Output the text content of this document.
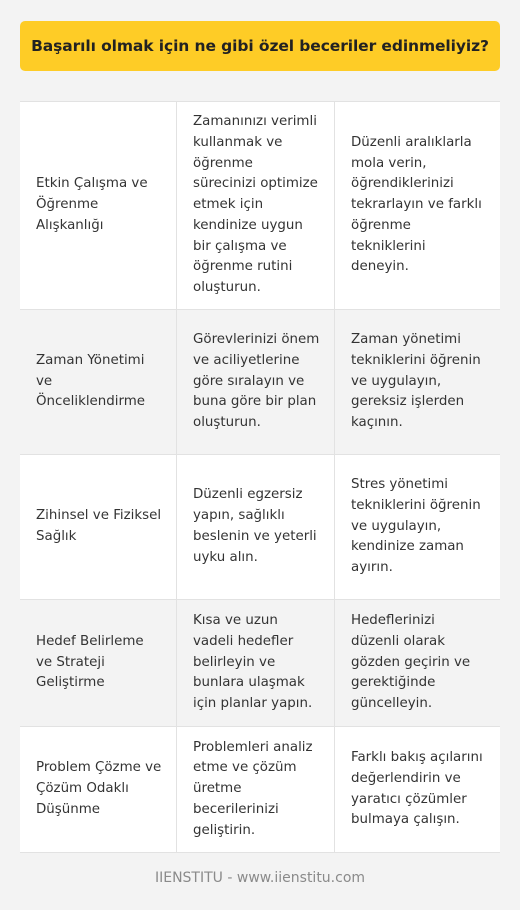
Başarılı olmak için ne gibi özel beceriler edinmeliyiz?
Etkin Çalışma ve Öğrenme Alışkanlığı
Zamanınızı verimli kullanmak ve öğrenme sürecinizi optimize etmek için kendinize uygun bir çalışma ve öğrenme rutini oluşturun.
Düzenli aralıklarla mola verin, öğrendiklerinizi tekrarlayın ve farklı öğrenme tekniklerini deneyin.
Zaman Yönetimi ve Önceliklendirme
Görevlerinizi önem ve aciliyetlerine göre sıralayın ve buna göre bir plan oluşturun.
Zaman yönetimi tekniklerini öğrenin ve uygulayın, gereksiz işlerden kaçının.
Zihinsel ve Fiziksel Sağlık
Düzenli egzersiz yapın, sağlıklı beslenin ve yeterli uyku alın.
Stres yönetimi tekniklerini öğrenin ve uygulayın, kendinize zaman ayırın.
Hedef Belirleme ve Strateji Geliştirme
Kısa ve uzun vadeli hedefler belirleyin ve bunlara ulaşmak için planlar yapın.
Hedeflerinizi düzenli olarak gözden geçirin ve gerektiğinde güncelleyin.
Problem Çözme ve Çözüm Odaklı Düşünme
Problemleri analiz etme ve çözüm üretme becerilerinizi geliştirin.
Farklı bakış açılarını değerlendirin ve yaratıcı çözümler bulmaya çalışın.
IIENSTITU - www.iienstitu.com
